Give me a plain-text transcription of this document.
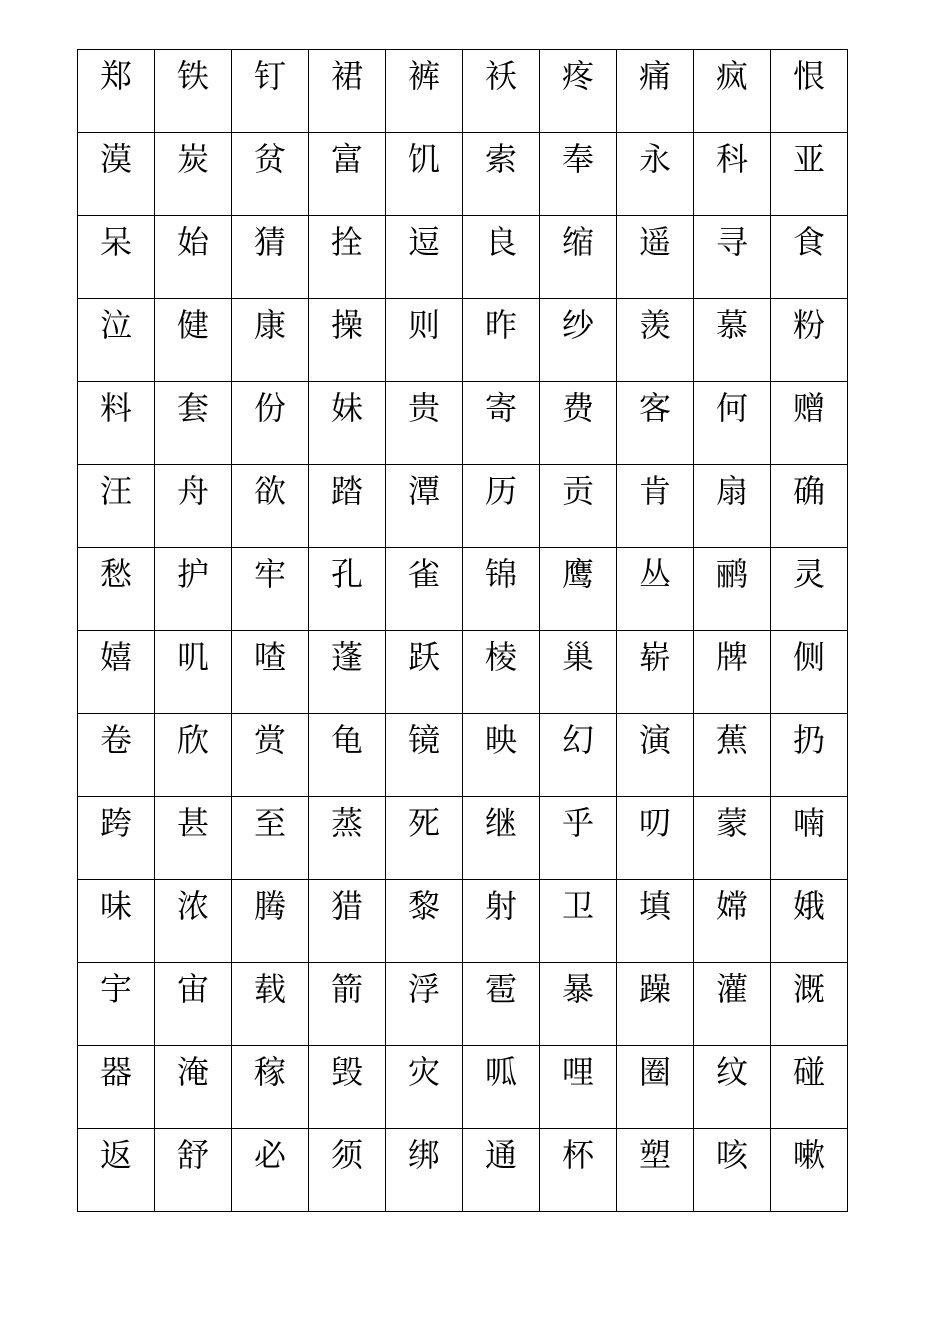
郑	铁	钉	裙	裤	袄	疼	痛	疯	恨

漠	炭	贫	富	饥	索	奉	永	科	亚

呆	始	猜	拴	逗	良	缩	遥	寻	食

泣	健	康	操	则	昨	纱	羡	慕	粉

料	套	份	妹	贵	寄	费	客	何	赠

汪	舟	欲	踏	潭	历	贡	肯	扇	确

愁	护	牢	孔	雀	锦	鹰	丛	鹂	灵

嬉	叽	喳	蓬	跃	棱	巢	崭	牌	侧

卷	欣	赏	龟	镜	映	幻	演	蕉	扔

跨	甚	至	蒸	死	继	乎	叨	蒙	喃

味	浓	腾	猎	黎	射	卫	填	嫦	娥

宇	宙	载	箭	浮	雹	暴	躁	灌	溉

器	淹	稼	毁	灾	呱	哩	圈	纹	碰

返	舒	必	须	绑	通	杯	塑	咳	嗽
